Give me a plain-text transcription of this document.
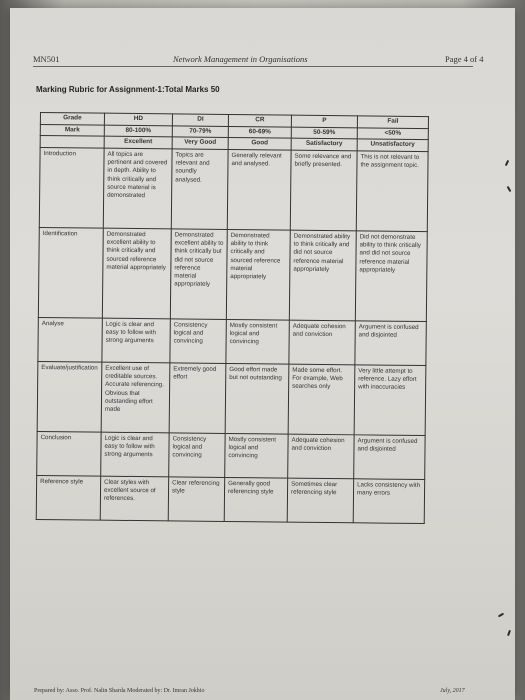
MN501	Network Management in Organisations	Page 4 of 4
Marking Rubric for Assignment-1:Total Marks 50
Grade	HD	DI	CR	P	Fail
Mark	80-100%	70-79%	60-69%	50-59%	<50%
	Excellent	Very Good	Good	Satisfactory	Unsatisfactory
Introduction	All topics are pertinent and covered in depth. Ability to think critically and source material is demonstrated	Topics are relevant and soundly analysed.	Generally relevant and analysed.	Some relevance and briefly presented.	This is not relevant to the assignment topic.
Identification	Demonstrated excellent ability to think critically and sourced reference material appropriately	Demonstrated excellent ability to think critically but did not source reference material appropriately	Demonstrated ability to think critically and sourced reference material appropriately	Demonstrated ability to think critically and did not source reference material appropriately	Did not demonstrate ability to think critically and did not source reference material appropriately
Analyse	Logic is clear and easy to follow with strong arguments	Consistency logical and convincing	Mostly consistent logical and convincing	Adequate cohesion and conviction	Argument is confused and disjointed
Evaluate/justification	Excellent use of creditable sources. Accurate referencing. Obvious that outstanding effort made	Extremely good effort	Good effort made but not outstanding	Made some effort. For example, Web searches only	Very little attempt to reference. Lazy effort with inaccuracies
Conclusion	Logic is clear and easy to follow with strong arguments	Consistency logical and convincing	Mostly consistent logical and convincing	Adequate cohesion and conviction	Argument is confused and disjointed
Reference style	Clear styles with excellent source of references.	Clear referencing style	Generally good referencing style	Sometimes clear referencing style	Lacks consistency with many errors
Prepared by: Asso. Prof. Nalin Sharda Moderated by: Dr. Imran Jokhio	July, 2017
